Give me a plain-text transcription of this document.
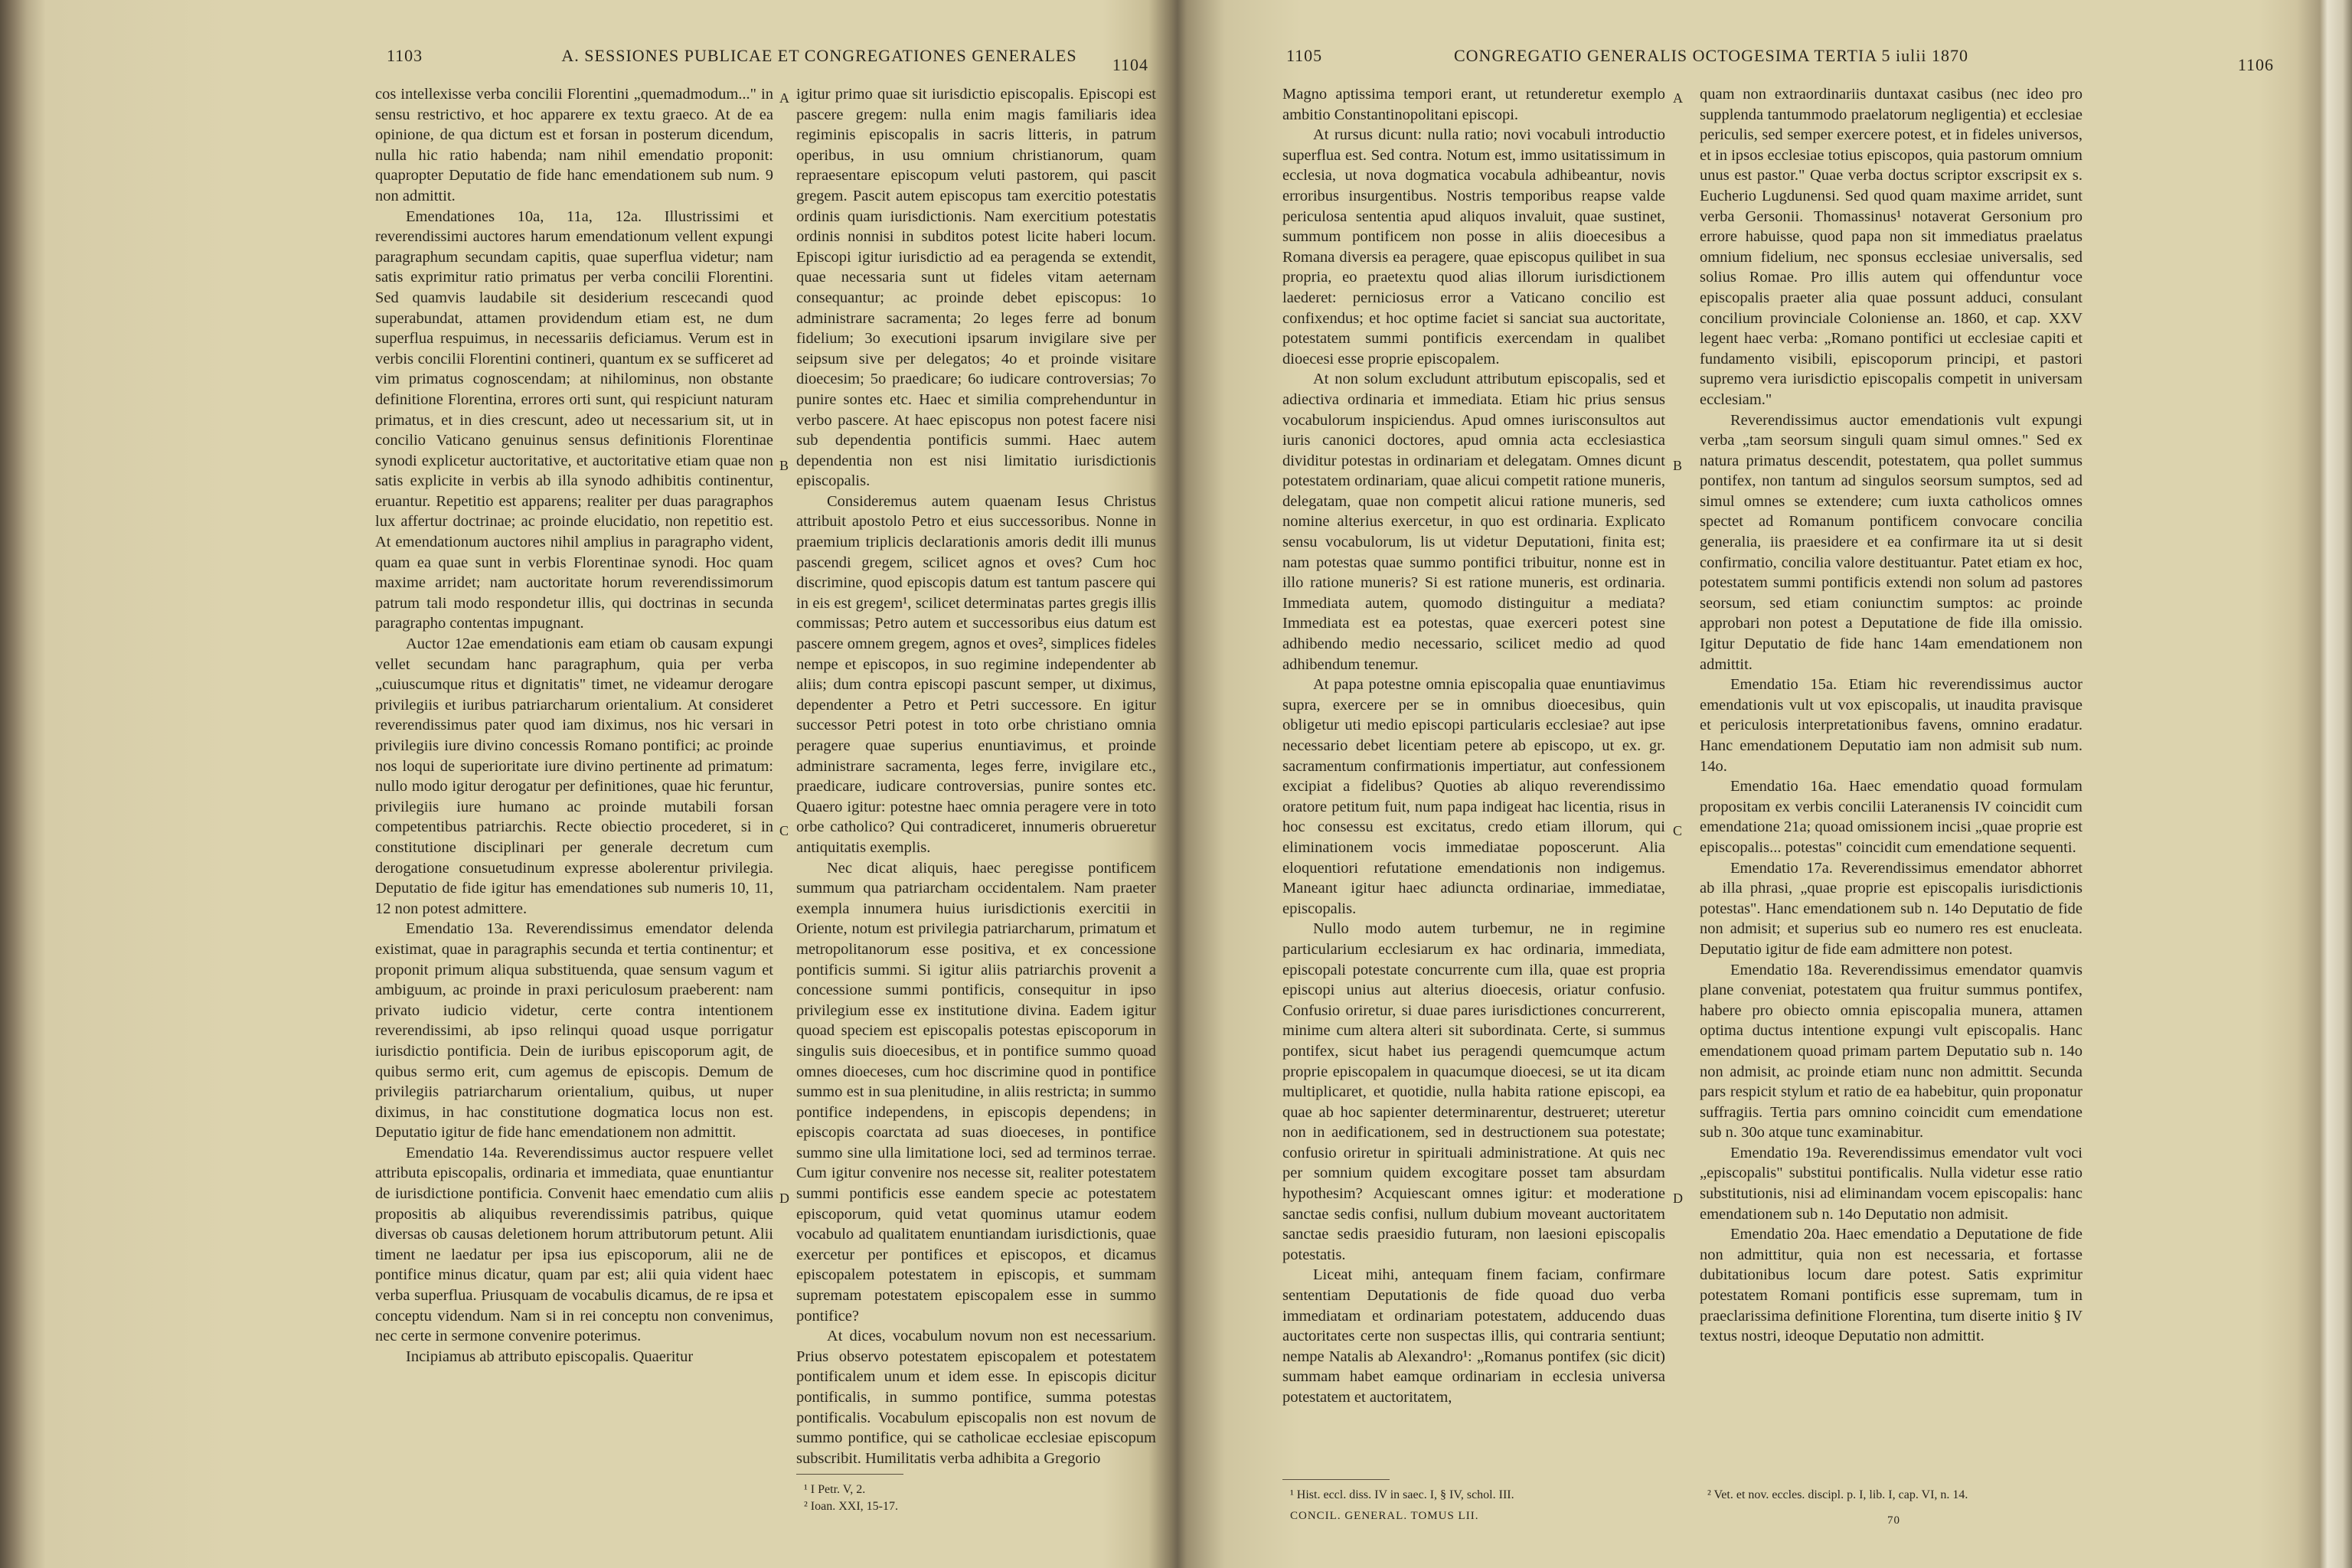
1103	A. SESSIONES PUBLICAE ET CONGREGATIONES GENERALES	1104

cos intellexisse verba concilii Florentini „quemadmodum..." in sensu restrictivo, et hoc apparere ex textu graeco. At de ea opinione, de qua dictum est et forsan in posterum dicendum, nulla hic ratio habenda; nam nihil emendatio proponit: quapropter Deputatio de fide hanc emendationem sub num. 9 non admittit.

Emendationes 10a, 11a, 12a. Illustrissimi et reverendissimi auctores harum emendationum vellent expungi paragraphum secundam capitis, quae superflua videtur; nam satis exprimitur ratio primatus per verba concilii Florentini. Sed quamvis laudabile sit desiderium rescecandi quod superabundat, attamen providendum etiam est, ne dum superflua respuimus, in necessariis deficiamus. Verum est in verbis concilii Florentini contineri, quantum ex se sufficeret ad vim primatus cognoscendam; at nihilominus, non obstante definitione Florentina, errores orti sunt, qui respiciunt naturam primatus, et in dies crescunt, adeo ut necessarium sit, ut in concilio Vaticano genuinus sensus definitionis Florentinae synodi explicetur auctoritative, et auctoritative etiam quae non satis explicite in verbis ab illa synodo adhibitis continentur, eruantur. Repetitio est apparens; realiter per duas paragraphos lux affertur doctrinae; ac proinde elucidatio, non repetitio est. At emendationum auctores nihil amplius in paragrapho vident, quam ea quae sunt in verbis Florentinae synodi. Hoc quam maxime arridet; nam auctoritate horum reverendissimorum patrum tali modo respondetur illis, qui doctrinas in secunda paragrapho contentas impugnant.

Auctor 12ae emendationis eam etiam ob causam expungi vellet secundam hanc paragraphum, quia per verba „cuiuscumque ritus et dignitatis" timet, ne videamur derogare privilegiis et iuribus patriarcharum orientalium. At consideret reverendissimus pater quod iam diximus, nos hic versari in privilegiis iure divino concessis Romano pontifici; ac proinde nos loqui de superioritate iure divino pertinente ad primatum: nullo modo igitur derogatur per definitiones, quae hic feruntur, privilegiis iure humano ac proinde mutabili forsan competentibus patriarchis. Recte obiectio procederet, si in constitutione disciplinari per generale decretum cum derogatione consuetudinum expresse abolerentur privilegia. Deputatio de fide igitur has emendationes sub numeris 10, 11, 12 non potest admittere.

Emendatio 13a. Reverendissimus emendator delenda existimat, quae in paragraphis secunda et tertia continentur; et proponit primum aliqua substituenda, quae sensum vagum et ambiguum, ac proinde in praxi periculosum praeberent: nam privato iudicio videtur, certe contra intentionem reverendissimi, ab ipso relinqui quoad usque porrigatur iurisdictio pontificia. Dein de iuribus episcoporum agit, de quibus sermo erit, cum agemus de episcopis. Demum de privilegiis patriarcharum orientalium, quibus, ut nuper diximus, in hac constitutione dogmatica locus non est. Deputatio igitur de fide hanc emendationem non admittit.

Emendatio 14a. Reverendissimus auctor respuere vellet attributa episcopalis, ordinaria et immediata, quae enuntiantur de iurisdictione pontificia. Convenit haec emendatio cum aliis propositis ab aliquibus reverendissimis patribus, quique diversas ob causas deletionem horum attributorum petunt. Alii timent ne laedatur per ipsa ius episcoporum, alii ne de pontifice minus dicatur, quam par est; alii quia vident haec verba superflua. Priusquam de vocabulis dicamus, de re ipsa et conceptu videndum. Nam si in rei conceptu non convenimus, nec certe in sermone convenire poterimus.

Incipiamus ab attributo episcopalis. Quaeritur

A
B
C
D

igitur primo quae sit iurisdictio episcopalis. Episcopi est pascere gregem: nulla enim magis familiaris idea regiminis episcopalis in sacris litteris, in patrum operibus, in usu omnium christianorum, quam repraesentare episcopum veluti pastorem, qui pascit gregem. Pascit autem episcopus tam exercitio potestatis ordinis quam iurisdictionis. Nam exercitium potestatis ordinis nonnisi in subditos potest licite haberi locum. Episcopi igitur iurisdictio ad ea peragenda se extendit, quae necessaria sunt ut fideles vitam aeternam consequantur; ac proinde debet episcopus: 1o administrare sacramenta; 2o leges ferre ad bonum fidelium; 3o executioni ipsarum invigilare sive per seipsum sive per delegatos; 4o et proinde visitare dioecesim; 5o praedicare; 6o iudicare controversias; 7o punire sontes etc. Haec et similia comprehenduntur in verbo pascere. At haec episcopus non potest facere nisi sub dependentia pontificis summi. Haec autem dependentia non est nisi limitatio iurisdictionis episcopalis.

Consideremus autem quaenam Iesus Christus attribuit apostolo Petro et eius successoribus. Nonne in praemium triplicis declarationis amoris dedit illi munus pascendi gregem, scilicet agnos et oves? Cum hoc discrimine, quod episcopis datum est tantum pascere qui in eis est gregem¹, scilicet determinatas partes gregis illis commissas; Petro autem et successoribus eius datum est pascere omnem gregem, agnos et oves², simplices fideles nempe et episcopos, in suo regimine independenter ab aliis; dum contra episcopi pascunt semper, ut diximus, dependenter a Petro et Petri successore. En igitur successor Petri potest in toto orbe christiano omnia peragere quae superius enuntiavimus, et proinde administrare sacramenta, leges ferre, invigilare etc., praedicare, iudicare controversias, punire sontes etc. Quaero igitur: potestne haec omnia peragere vere in toto orbe catholico? Qui contradiceret, innumeris obrueretur antiquitatis exemplis.

Nec dicat aliquis, haec peregisse pontificem summum qua patriarcham occidentalem. Nam praeter exempla innumera huius iurisdictionis exercitii in Oriente, notum est privilegia patriarcharum, primatum et metropolitanorum esse positiva, et ex concessione pontificis summi. Si igitur aliis patriarchis provenit a concessione summi pontificis, consequitur in ipso privilegium esse ex institutione divina. Eadem igitur quoad speciem est episcopalis potestas episcoporum in singulis suis dioecesibus, et in pontifice summo quoad omnes dioeceses, cum hoc discrimine quod in pontifice summo est in sua plenitudine, in aliis restricta; in summo pontifice independens, in episcopis dependens; in episcopis coarctata ad suas dioeceses, in pontifice summo sine ulla limitatione loci, sed ad terminos terrae. Cum igitur convenire nos necesse sit, realiter potestatem summi pontificis esse eandem specie ac potestatem episcoporum, quid vetat quominus utamur eodem vocabulo ad qualitatem enuntiandam iurisdictionis, quae exercetur per pontifices et episcopos, et dicamus episcopalem potestatem in episcopis, et summam supremam potestatem episcopalem esse in summo pontifice?

At dices, vocabulum novum non est necessarium. Prius observo potestatem episcopalem et potestatem pontificalem unum et idem esse. In episcopis dicitur pontificalis, in summo pontifice, summa potestas pontificalis. Vocabulum episcopalis non est novum de summo pontifice, qui se catholicae ecclesiae episcopum subscribit. Humilitatis verba adhibita a Gregorio

¹ I Petr. V, 2.
² Ioan. XXI, 15-17.
1105	CONGREGATIO GENERALIS OCTOGESIMA TERTIA 5 iulii 1870	1106

Magno aptissima tempori erant, ut retunderetur exemplo ambitio Constantinopolitani episcopi.

At rursus dicunt: nulla ratio; novi vocabuli introductio superflua est. Sed contra. Notum est, immo usitatissimum in ecclesia, ut nova dogmatica vocabula adhibeantur, novis erroribus insurgentibus. Nostris temporibus reapse valde periculosa sententia apud aliquos invaluit, quae sustinet, summum pontificem non posse in aliis dioecesibus a Romana diversis ea peragere, quae episcopus quilibet in sua propria, eo praetextu quod alias illorum iurisdictionem laederet: perniciosus error a Vaticano concilio est confixendus; et hoc optime faciet si sanciat sua auctoritate, potestatem summi pontificis exercendam in qualibet dioecesi esse proprie episcopalem.

At non solum excludunt attributum episcopalis, sed et adiectiva ordinaria et immediata. Etiam hic prius sensus vocabulorum inspiciendus. Apud omnes iurisconsultos aut iuris canonici doctores, apud omnia acta ecclesiastica dividitur potestas in ordinariam et delegatam. Omnes dicunt potestatem ordinariam, quae alicui competit ratione muneris, delegatam, quae non competit alicui ratione muneris, sed nomine alterius exercetur, in quo est ordinaria. Explicato sensu vocabulorum, lis ut videtur Deputationi, finita est; nam potestas quae summo pontifici tribuitur, nonne est in illo ratione muneris? Si est ratione muneris, est ordinaria. Immediata autem, quomodo distinguitur a mediata? Immediata est ea potestas, quae exerceri potest sine adhibendo medio necessario, scilicet medio ad quod adhibendum tenemur.

At papa potestne omnia episcopalia quae enuntiavimus supra, exercere per se in omnibus dioecesibus, quin obligetur uti medio episcopi particularis ecclesiae? aut ipse necessario debet licentiam petere ab episcopo, ut ex. gr. sacramentum confirmationis impertiatur, aut confessionem excipiat a fidelibus? Quoties ab aliquo reverendissimo oratore petitum fuit, num papa indigeat hac licentia, risus in hoc consessu est excitatus, credo etiam illorum, qui eliminationem vocis immediatae poposcerunt. Alia eloquentiori refutatione emendationis non indigemus. Maneant igitur haec adiuncta ordinariae, immediatae, episcopalis.

Nullo modo autem turbemur, ne in regimine particularium ecclesiarum ex hac ordinaria, immediata, episcopali potestate concurrente cum illa, quae est propria episcopi unius aut alterius dioecesis, oriatur confusio. Confusio oriretur, si duae pares iurisdictiones concurrerent, minime cum altera alteri sit subordinata. Certe, si summus pontifex, sicut habet ius peragendi quemcumque actum proprie episcopalem in quacumque dioecesi, se ut ita dicam multiplicaret, et quotidie, nulla habita ratione episcopi, ea quae ab hoc sapienter determinarentur, destrueret; uteretur non in aedificationem, sed in destructionem sua potestate; confusio oriretur in spirituali administratione. At quis nec per somnium quidem excogitare posset tam absurdam hypothesim? Acquiescant omnes igitur: et moderatione sanctae sedis confisi, nullum dubium moveant auctoritatem sanctae sedis praesidio futuram, non laesioni episcopalis potestatis.

Liceat mihi, antequam finem faciam, confirmare sententiam Deputationis de fide quoad duo verba immediatam et ordinariam potestatem, adducendo duas auctoritates certe non suspectas illis, qui contraria sentiunt; nempe Natalis ab Alexandro¹: „Romanus pontifex (sic dicit) summam habet eamque ordinariam in ecclesia universa potestatem et auctoritatem,

A
B
C
D

quam non extraordinariis duntaxat casibus (nec ideo pro supplenda tantummodo praelatorum negligentia) et ecclesiae periculis, sed semper exercere potest, et in fideles universos, et in ipsos ecclesiae totius episcopos, quia pastorum omnium unus est pastor." Quae verba doctus scriptor exscripsit ex s. Eucherio Lugdunensi. Sed quod quam maxime arridet, sunt verba Gersonii. Thomassinus¹ notaverat Gersonium pro errore habuisse, quod papa non sit immediatus praelatus omnium fidelium, nec sponsus ecclesiae universalis, sed solius Romae. Pro illis autem qui offenduntur voce episcopalis praeter alia quae possunt adduci, consulant concilium provinciale Coloniense an. 1860, et cap. XXV legent haec verba: „Romano pontifici ut ecclesiae capiti et fundamento visibili, episcoporum principi, et pastori supremo vera iurisdictio episcopalis competit in universam ecclesiam."

Reverendissimus auctor emendationis vult expungi verba „tam seorsum singuli quam simul omnes." Sed ex natura primatus descendit, potestatem, qua pollet summus pontifex, non tantum ad singulos seorsum sumptos, sed ad simul omnes se extendere; cum iuxta catholicos omnes spectet ad Romanum pontificem convocare concilia generalia, iis praesidere et ea confirmare ita ut si desit confirmatio, concilia valore destituantur. Patet etiam ex hoc, potestatem summi pontificis extendi non solum ad pastores seorsum, sed etiam coniunctim sumptos: ac proinde approbari non potest a Deputatione de fide illa omissio. Igitur Deputatio de fide hanc 14am emendationem non admittit.

Emendatio 15a. Etiam hic reverendissimus auctor emendationis vult ut vox episcopalis, ut inaudita pravisque et periculosis interpretationibus favens, omnino eradatur. Hanc emendationem Deputatio iam non admisit sub num. 14o.

Emendatio 16a. Haec emendatio quoad formulam propositam ex verbis concilii Lateranensis IV coincidit cum emendatione 21a; quoad omissionem incisi „quae proprie est episcopalis... potestas" coincidit cum emendatione sequenti.

Emendatio 17a. Reverendissimus emendator abhorret ab illa phrasi, „quae proprie est episcopalis iurisdictionis potestas". Hanc emendationem sub n. 14o Deputatio de fide non admisit; et superius sub eo numero res est enucleata. Deputatio igitur de fide eam admittere non potest.

Emendatio 18a. Reverendissimus emendator quamvis plane conveniat, potestatem qua fruitur summus pontifex, habere pro obiecto omnia episcopalia munera, attamen optima ductus intentione expungi vult episcopalis. Hanc emendationem quoad primam partem Deputatio sub n. 14o non admisit, ac proinde etiam nunc non admittit. Secunda pars respicit stylum et ratio de ea habebitur, quin proponatur suffragiis. Tertia pars omnino coincidit cum emendatione sub n. 30o atque tunc examinabitur.

Emendatio 19a. Reverendissimus emendator vult voci „episcopalis" substitui pontificalis. Nulla videtur esse ratio substitutionis, nisi ad eliminandam vocem episcopalis: hanc emendationem sub n. 14o Deputatio non admisit.

Emendatio 20a. Haec emendatio a Deputatione de fide non admittitur, quia non est necessaria, et fortasse dubitationibus locum dare potest. Satis exprimitur potestatem Romani pontificis esse supremam, tum in praeclarissima definitione Florentina, tum diserte initio § IV textus nostri, ideoque Deputatio non admittit.

¹ Hist. eccl. diss. IV in saec. I, § IV, schol. III.	² Vet. et nov. eccles. discipl. p. I, lib. I, cap. VI, n. 14.
CONCIL. GENERAL. TOMUS LII.	70
